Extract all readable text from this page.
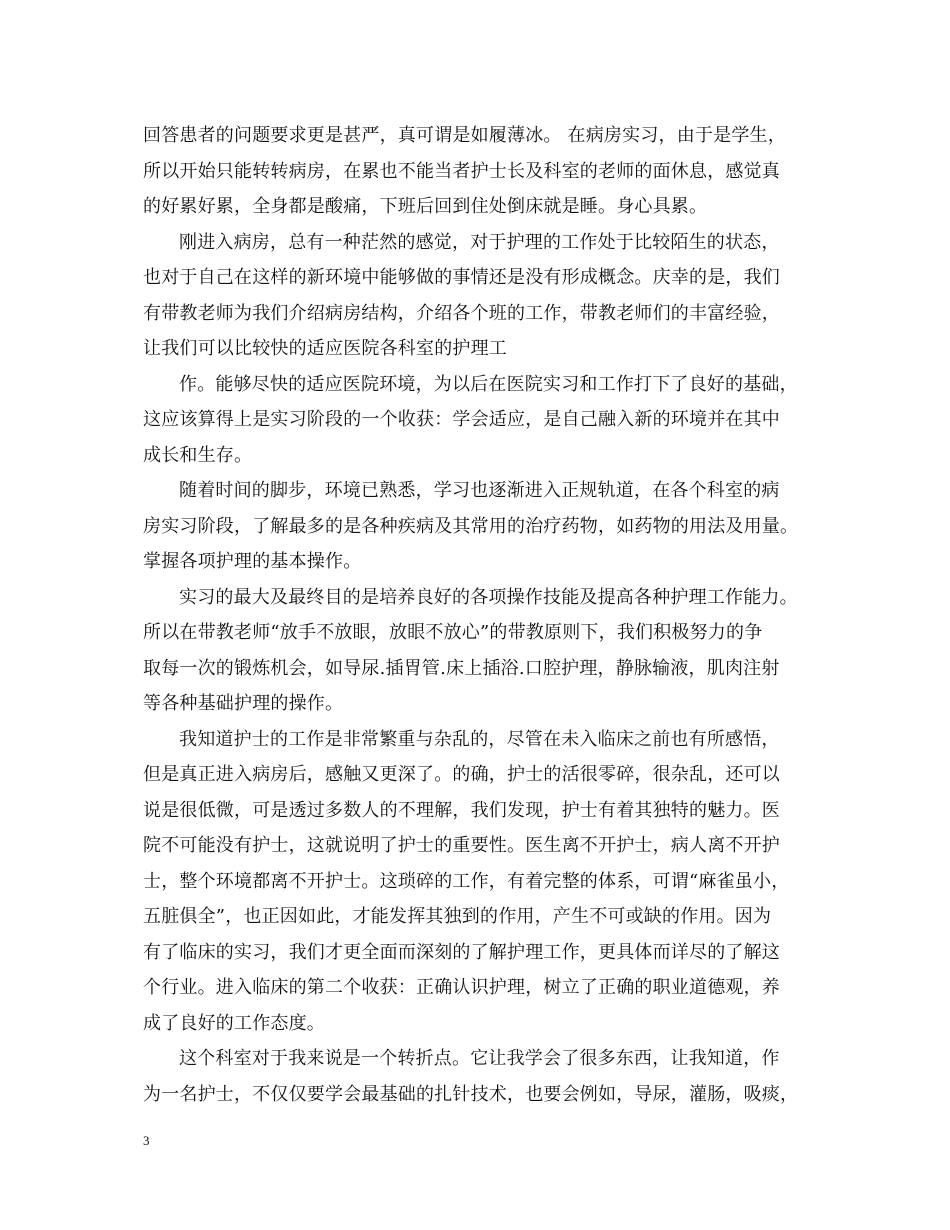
回答患者的问题要求更是甚严，真可谓是如履薄冰。 在病房实习，由于是学生，
所以开始只能转转病房，在累也不能当者护士长及科室的老师的面休息，感觉真
的好累好累，全身都是酸痛，下班后回到住处倒床就是睡。身心具累。
刚进入病房，总有一种茫然的感觉，对于护理的工作处于比较陌生的状态，
也对于自己在这样的新环境中能够做的事情还是没有形成概念。庆幸的是，我们
有带教老师为我们介绍病房结构，介绍各个班的工作，带教老师们的丰富经验，
让我们可以比较快的适应医院各科室的护理工
作。能够尽快的适应医院环境，为以后在医院实习和工作打下了良好的基础，
这应该算得上是实习阶段的一个收获：学会适应，是自己融入新的环境并在其中
成长和生存。
随着时间的脚步，环境已熟悉，学习也逐渐进入正规轨道，在各个科室的病
房实习阶段，了解最多的是各种疾病及其常用的治疗药物，如药物的用法及用量。
掌握各项护理的基本操作。
实习的最大及最终目的是培养良好的各项操作技能及提高各种护理工作能力。
所以在带教老师“放手不放眼，放眼不放心”的带教原则下，我们积极努力的争
取每一次的锻炼机会，如导尿.插胃管.床上插浴.口腔护理，静脉输液，肌肉注射
等各种基础护理的操作。
我知道护士的工作是非常繁重与杂乱的，尽管在未入临床之前也有所感悟，
但是真正进入病房后，感触又更深了。的确，护士的活很零碎，很杂乱，还可以
说是很低微，可是透过多数人的不理解，我们发现，护士有着其独特的魅力。医
院不可能没有护士，这就说明了护士的重要性。医生离不开护士，病人离不开护
士，整个环境都离不开护士。这琐碎的工作，有着完整的体系，可谓“麻雀虽小，
五脏俱全”，也正因如此，才能发挥其独到的作用，产生不可或缺的作用。因为
有了临床的实习，我们才更全面而深刻的了解护理工作，更具体而详尽的了解这
个行业。进入临床的第二个收获：正确认识护理，树立了正确的职业道德观，养
成了良好的工作态度。
这个科室对于我来说是一个转折点。它让我学会了很多东西，让我知道，作
为一名护士，不仅仅要学会最基础的扎针技术，也要会例如，导尿，灌肠，吸痰，
3
